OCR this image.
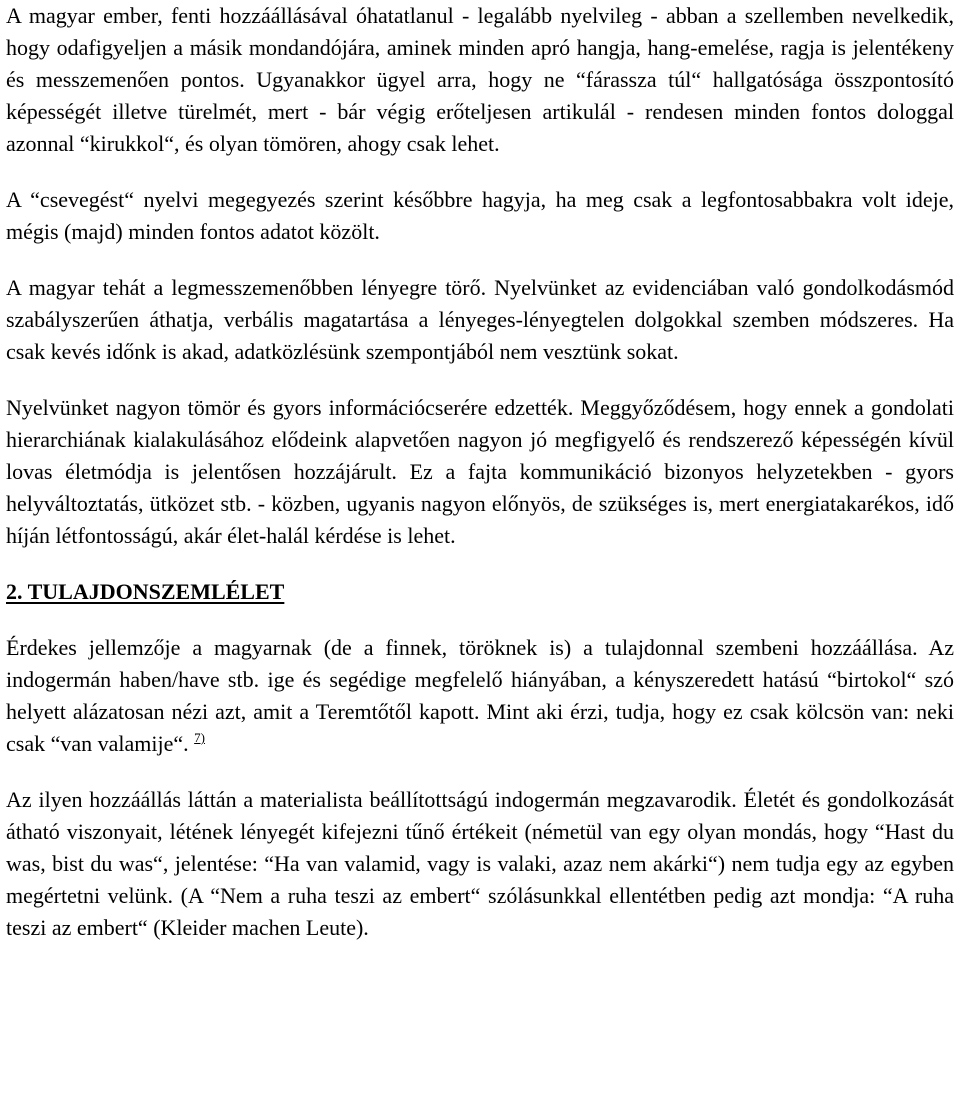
A magyar ember, fenti hozzáállásával óhatatlanul - legalább nyelvileg - abban a szellemben nevelkedik, hogy odafigyeljen a másik mondandójára, aminek minden apró hangja, hang-emelése, ragja is jelentékeny és messzemenően pontos. Ugyanakkor ügyel arra, hogy ne “fárassza túl“ hallgatósága összpontosító képességét illetve türelmét, mert - bár végig erőteljesen artikulál - rendesen minden fontos dologgal azonnal “kirukkol“, és olyan tömören, ahogy csak lehet.

A “csevegést“ nyelvi megegyezés szerint későbbre hagyja, ha meg csak a legfontosabbakra volt ideje, mégis (majd) minden fontos adatot közölt.

A magyar tehát a legmesszemenőbben lényegre törő. Nyelvünket az evidenciában való gondolkodásmód szabályszerűen áthatja, verbális magatartása a lényeges-lényegtelen dolgokkal szemben módszeres. Ha csak kevés időnk is akad, adatközlésünk szempontjából nem vesztünk sokat.

Nyelvünket nagyon tömör és gyors információcserére edzették. Meggyőződésem, hogy ennek a gondolati hierarchiának kialakulásához elődeink alapvetően nagyon jó megfigyelő és rendszerező képességén kívül lovas életmódja is jelentősen hozzájárult. Ez a fajta kommunikáció bizonyos helyzetekben - gyors helyváltoztatás, ütközet stb. - közben, ugyanis nagyon előnyös, de szükséges is, mert energiatakarékos, idő híján létfontosságú, akár élet-halál kérdése is lehet.

2. TULAJDONSZEMLÉLET

Érdekes jellemzője a magyarnak (de a finnek, töröknek is) a tulajdonnal szembeni hozzáállása. Az indogermán haben/have stb. ige és segédige megfelelő hiányában, a kényszeredett hatású “birtokol“ szó helyett alázatosan nézi azt, amit a Teremtőtől kapott. Mint aki érzi, tudja, hogy ez csak kölcsön van: neki csak “van valamije“. $^{7)}$

Az ilyen hozzáállás láttán a materialista beállítottságú indogermán megzavarodik. Életét és gondolkozását átható viszonyait, létének lényegét kifejezni tűnő értékeit (németül van egy olyan mondás, hogy “Hast du was, bist du was“, jelentése: “Ha van valamid, vagy is valaki, azaz nem akárki“) nem tudja egy az egyben megértetni velünk. (A “Nem a ruha teszi az embert“ szólásunkkal ellentétben pedig azt mondja: “A ruha teszi az embert“ (Kleider machen Leute).
